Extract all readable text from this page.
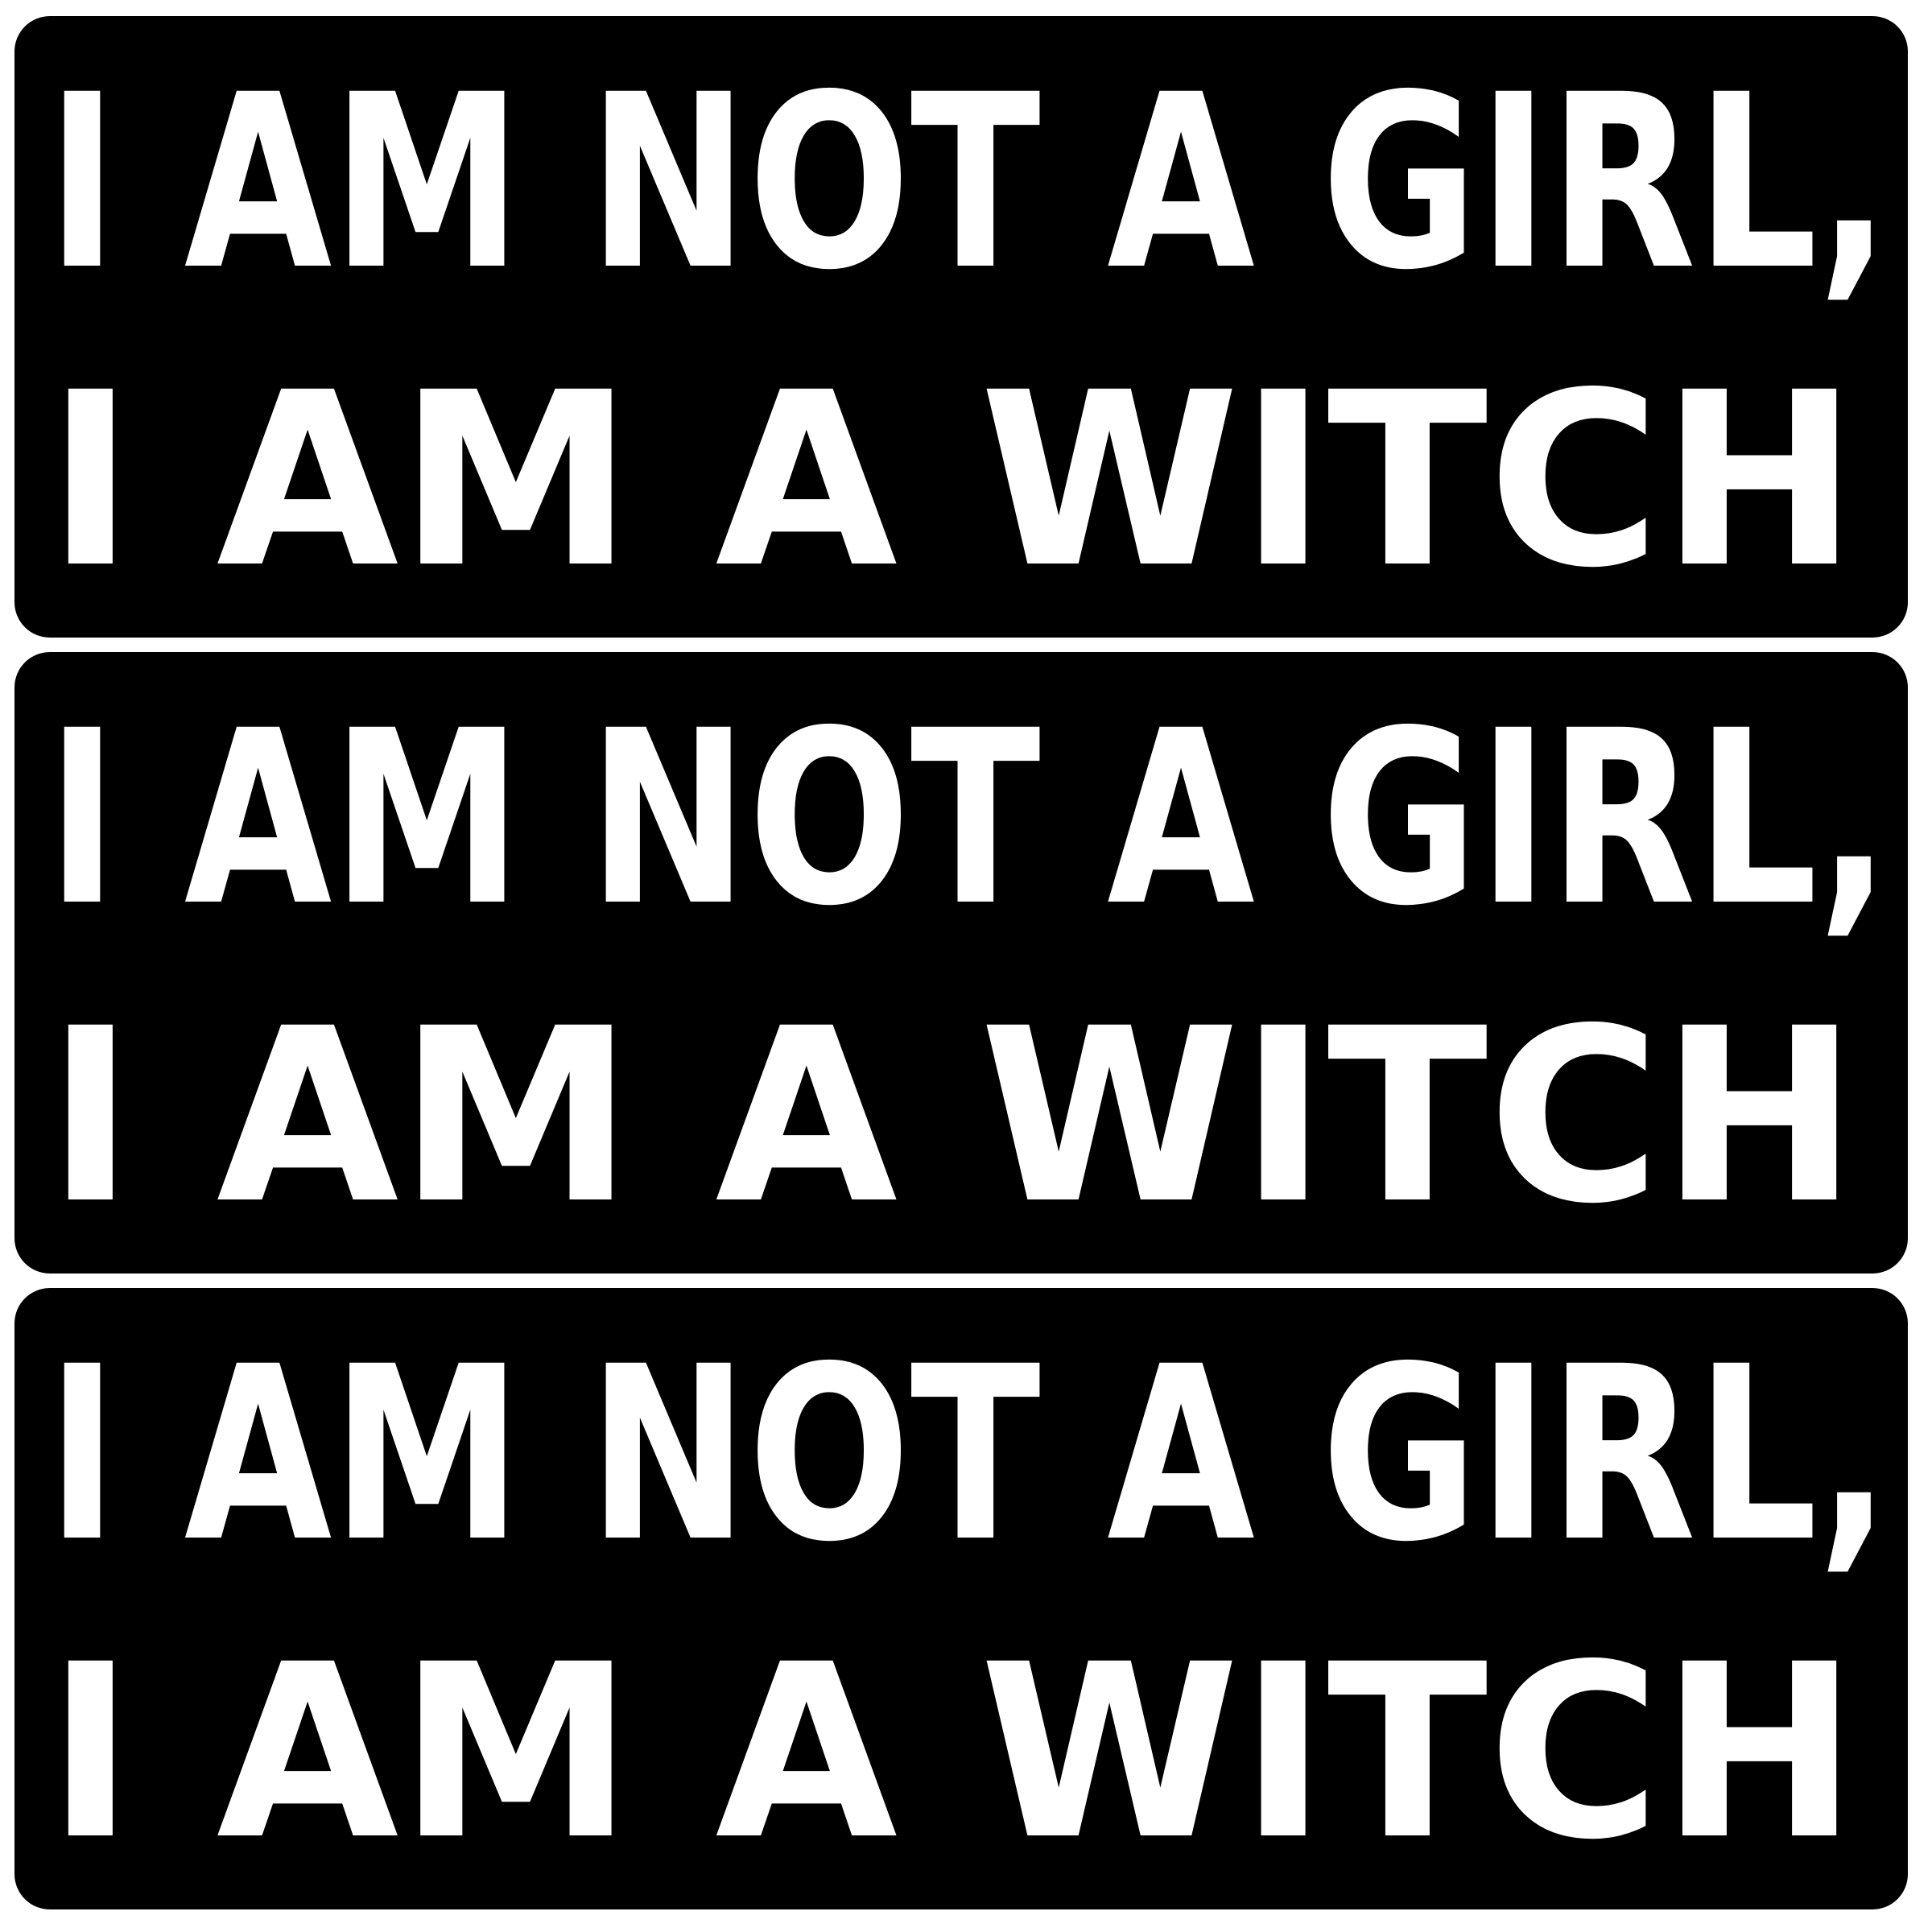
I AM NOT A GIRL,
I AM A WITCH
I AM NOT A GIRL,
I AM A WITCH
I AM NOT A GIRL,
I AM A WITCH
